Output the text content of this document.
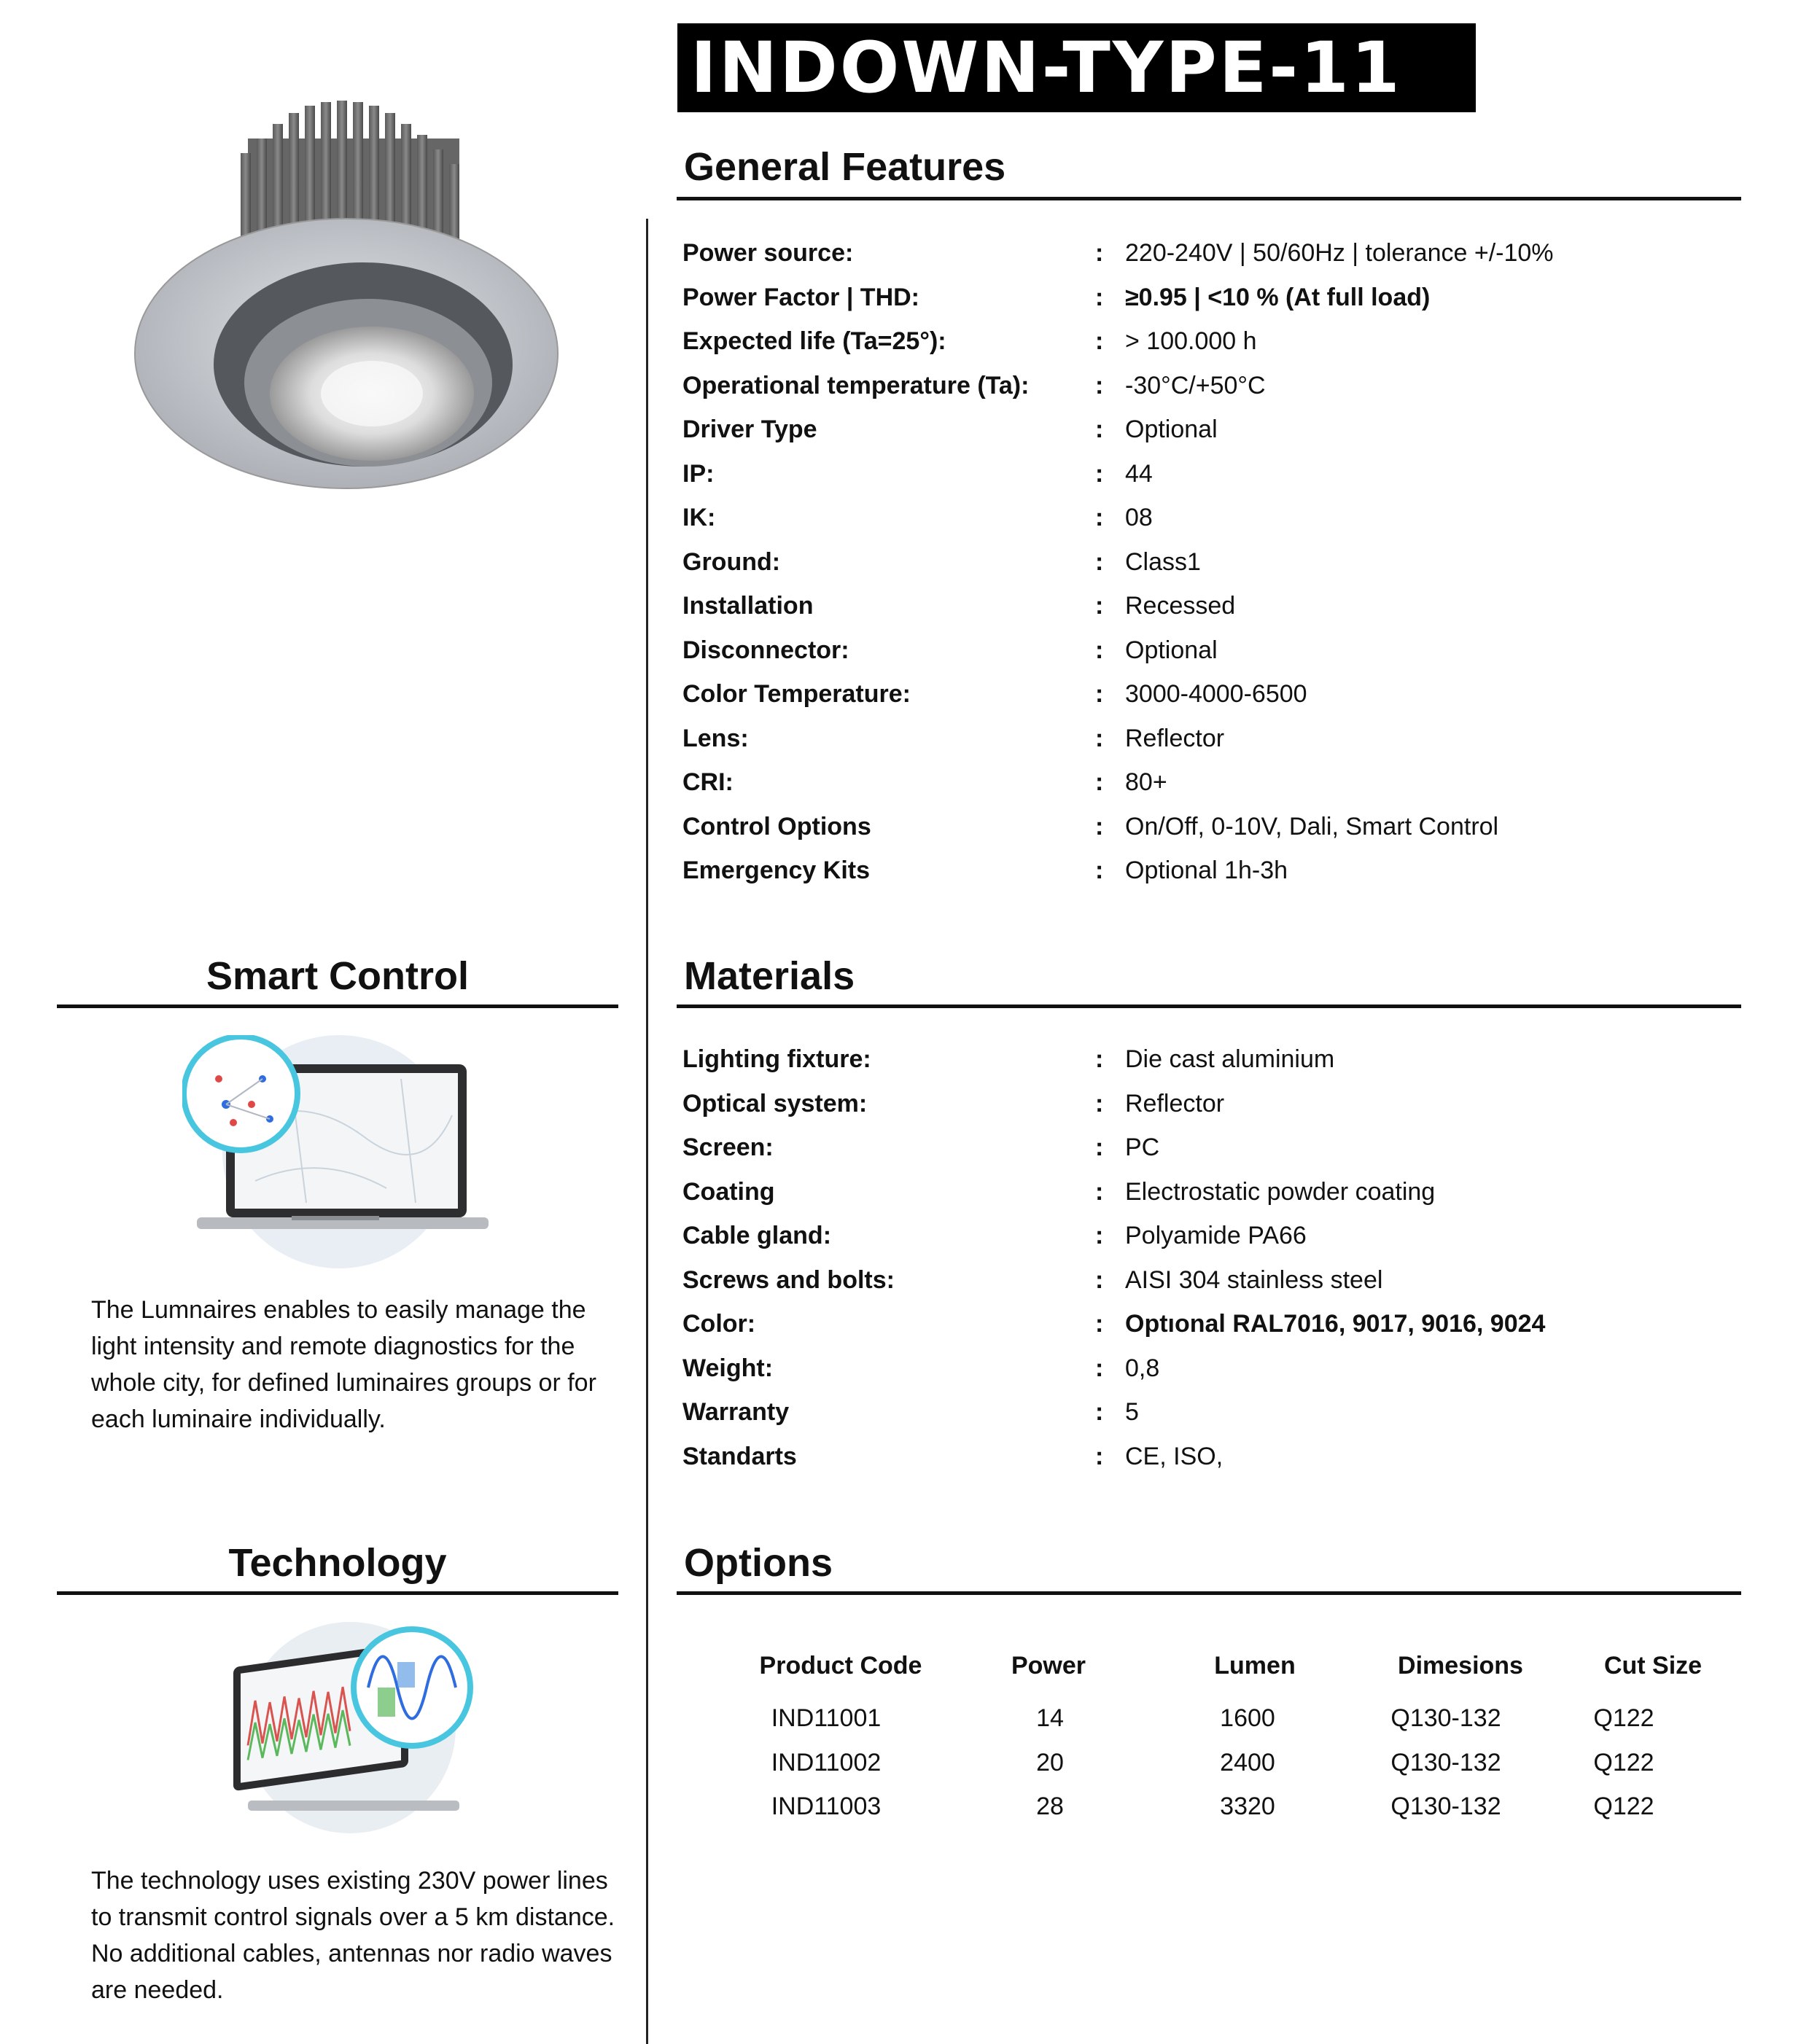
INDOWN-TYPE-11
General Features
Power source:	: 220-240V | 50/60Hz | tolerance +/-10%
Power Factor | THD:	: ≥0.95 | <10 % (At full load)
Expected life (Ta=25°):	: > 100.000 h
Operational temperature (Ta):	: -30°C/+50°C
Driver Type	: Optional
IP:	: 44
IK:	: 08
Ground:	: Class1
Installation	: Recessed
Disconnector:	: Optional
Color Temperature:	: 3000-4000-6500
Lens:	: Reflector
CRI:	: 80+
Control Options	: On/Off, 0-10V, Dali, Smart Control
Emergency Kits	: Optional 1h-3h
Smart Control
The Lumnaires enables to easily manage the light intensity and remote diagnostics for the whole city, for defined luminaires groups or for each luminaire individually.
Technology
The technology uses existing 230V power lines to transmit control signals over a 5 km distance. No additional cables, antennas nor radio waves are needed.
Materials
Lighting fixture:	: Die cast aluminium
Optical system:	: Reflector
Screen:	: PC
Coating	: Electrostatic powder coating
Cable gland:	: Polyamide PA66
Screws and bolts:	: AISI 304 stainless steel
Color:	: Optıonal RAL7016, 9017, 9016, 9024
Weight:	: 0,8
Warranty	: 5
Standarts	: CE, ISO,
Options
Product Code	Power	Lumen	Dimesions	Cut Size
IND11001	14	1600	Q130-132	Q122
IND11002	20	2400	Q130-132	Q122
IND11003	28	3320	Q130-132	Q122
